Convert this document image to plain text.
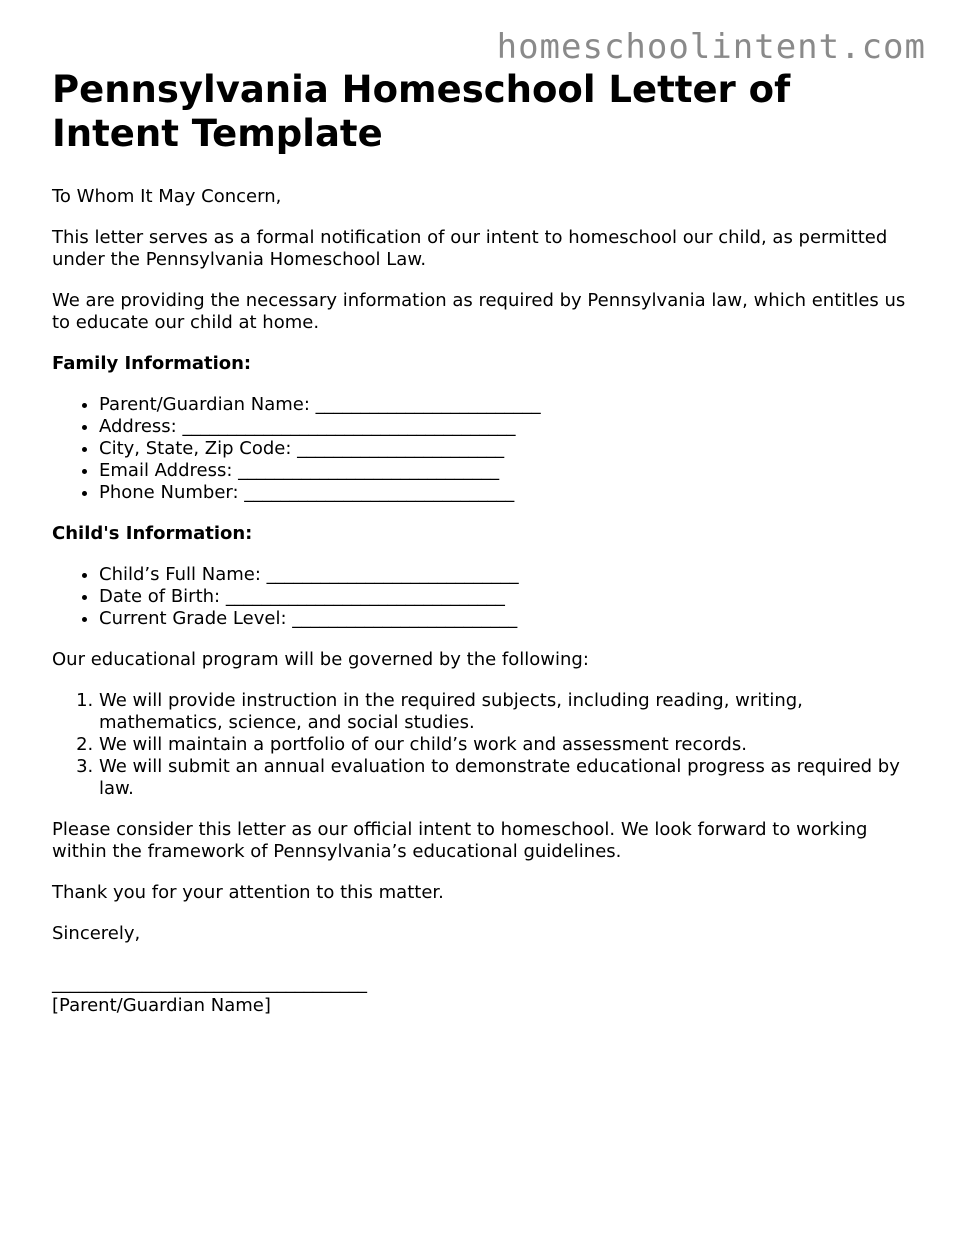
homeschoolintent.com
Pennsylvania Homeschool Letter of Intent Template

To Whom It May Concern,

This letter serves as a formal notification of our intent to homeschool our child, as permitted under the Pennsylvania Homeschool Law.

We are providing the necessary information as required by Pennsylvania law, which entitles us to educate our child at home.

Family Information:
• Parent/Guardian Name: _________________________
• Address: _____________________________________
• City, State, Zip Code: _______________________
• Email Address: _____________________________
• Phone Number: ______________________________
Child's Information:
• Child’s Full Name: ____________________________
• Date of Birth: _______________________________
• Current Grade Level: _________________________

Our educational program will be governed by the following:

1. We will provide instruction in the required subjects, including reading, writing, mathematics, science, and social studies.
2. We will maintain a portfolio of our child’s work and assessment records.
3. We will submit an annual evaluation to demonstrate educational progress as required by law.

Please consider this letter as our official intent to homeschool. We look forward to working within the framework of Pennsylvania’s educational guidelines.

Thank you for your attention to this matter.

Sincerely,

___________________________________
[Parent/Guardian Name]
